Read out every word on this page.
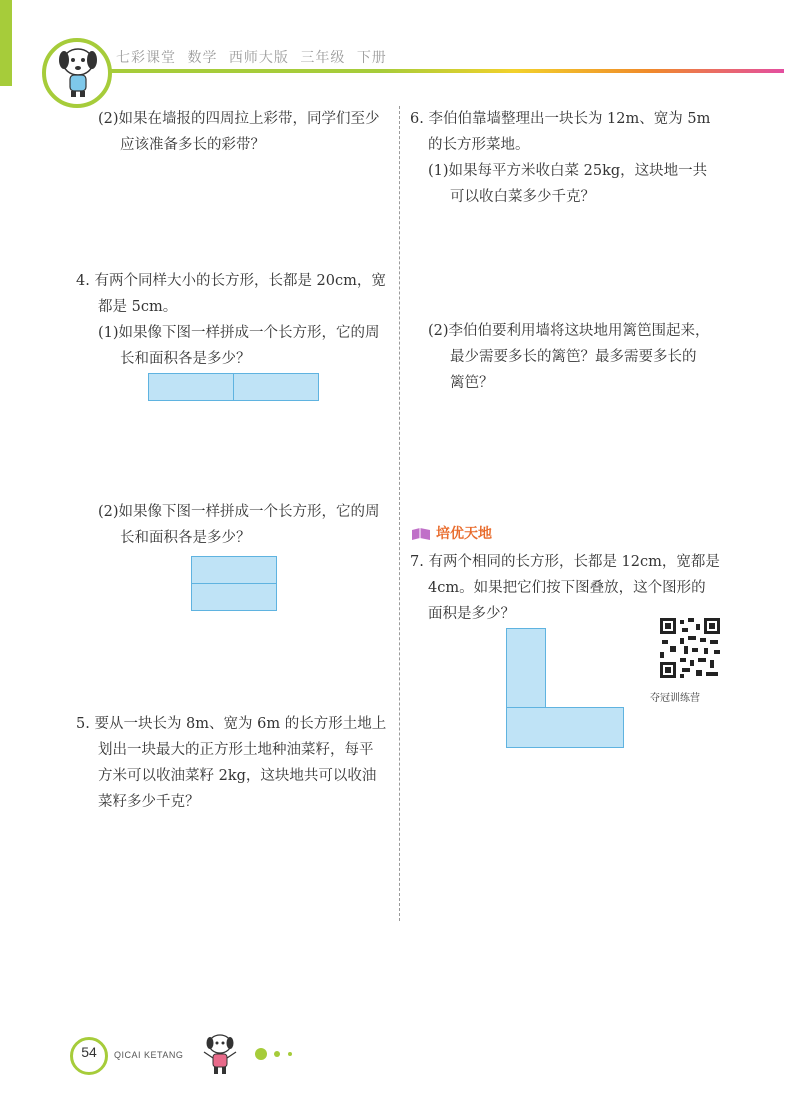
七彩课堂 数学 西师大版 三年级 下册
(2)如果在墙报的四周拉上彩带，同学们至少
应该准备多长的彩带？
4. 有两个同样大小的长方形，长都是 20cm，宽
都是 5cm。
(1)如果像下图一样拼成一个长方形，它的周
长和面积各是多少？
(2)如果像下图一样拼成一个长方形，它的周
长和面积各是多少？
5. 要从一块长为 8m、宽为 6m 的长方形土地上
划出一块最大的正方形土地种油菜籽，每平
方米可以收油菜籽 2kg，这块地共可以收油
菜籽多少千克？
6. 李伯伯靠墙整理出一块长为 12m、宽为 5m
的长方形菜地。
(1)如果每平方米收白菜 25kg，这块地一共
可以收白菜多少千克？
(2)李伯伯要利用墙将这块地用篱笆围起来，
最少需要多长的篱笆？最多需要多长的
篱笆？
培优天地
7. 有两个相同的长方形，长都是 12cm，宽都是
4cm。如果把它们按下图叠放，这个图形的
面积是多少？
夺冠训练营
54	QICAI KETANG
